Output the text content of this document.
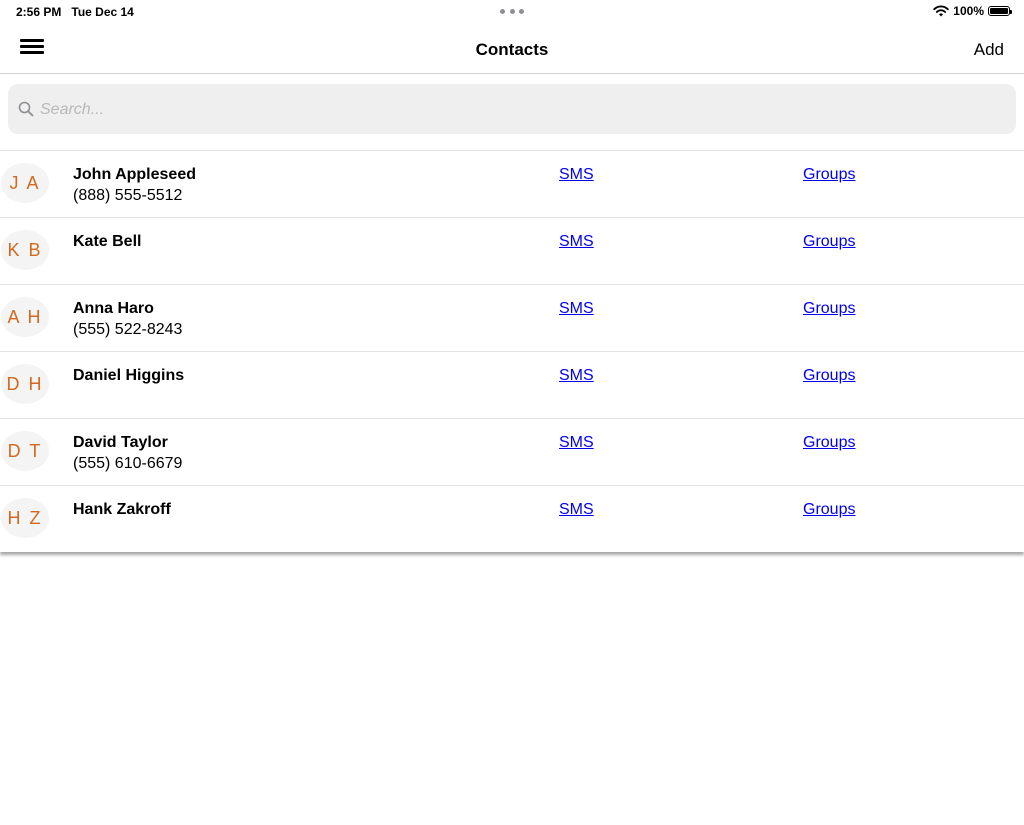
2:56 PM Tue Dec 14	100%
Contacts	Add
Search...
J A	John Appleseed
(888) 555-5512
SMS	Groups
K B	Kate Bell	SMS	Groups
A H	Anna Haro
(555) 522-8243
SMS	Groups
D H	Daniel Higgins	SMS	Groups
D T	David Taylor
(555) 610-6679
SMS	Groups
H Z	Hank Zakroff	SMS	Groups
